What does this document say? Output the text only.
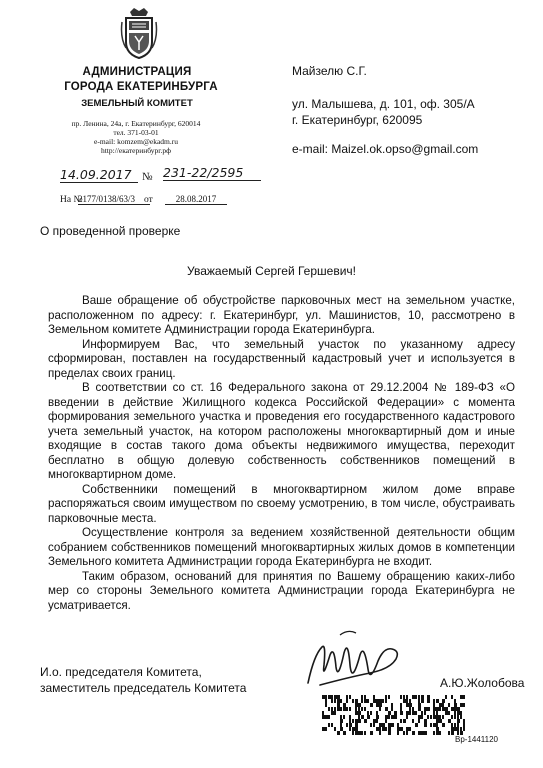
АДМИНИСТРАЦИЯ
ГОРОДА ЕКАТЕРИНБУРГА
ЗЕМЕЛЬНЫЙ КОМИТЕТ
пр. Ленина, 24а, г. Екатеринбург, 620014
тел. 371-03-01
e-mail: komzem@ekadm.ru
http://екатеринбург.рф
14.09.2017 № 231-22/2595
На №
2177/0138/63/3 от	28.08.2017
Майзелю С.Г.
ул. Малышева, д. 101, оф. 305/А
г. Екатеринбург, 620095
e-mail: Maizel.ok.opso@gmail.com
О проведенной проверке
Уважаемый Сергей Гершевич!

Ваше обращение об обустройстве парковочных мест на земельном участке, расположенном по адресу: г. Екатеринбург, ул. Машинистов, 10, рассмотрено в Земельном комитете Администрации города Екатеринбурга.

Информируем Вас, что земельный участок по указанному адресу сформирован, поставлен на государственный кадастровый учет и используется в пределах своих границ.

В соответствии со ст. 16 Федерального закона от 29.12.2004 № 189-ФЗ «О введении в действие Жилищного кодекса Российской Федерации» с момента формирования земельного участка и проведения его государственного кадастрового учета земельный участок, на котором расположены многоквартирный дом и иные входящие в состав такого дома объекты недвижимого имущества, переходит бесплатно в общую долевую собственность собственников помещений в многоквартирном доме.

Собственники помещений в многоквартирном жилом доме вправе распоряжаться своим имуществом по своему усмотрению, в том числе, обустраивать парковочные места.

Осуществление контроля за ведением хозяйственной деятельности общим собранием собственников помещений многоквартирных жилых домов в компетенции Земельного комитета Администрации города Екатеринбурга не входит.

Таким образом, оснований для принятия по Вашему обращению каких-либо мер со стороны Земельного комитета Администрации города Екатеринбурга не усматривается.

И.о. председателя Комитета,
заместитель председатель Комитета	А.Ю.Жолобова
Вр-1441120
